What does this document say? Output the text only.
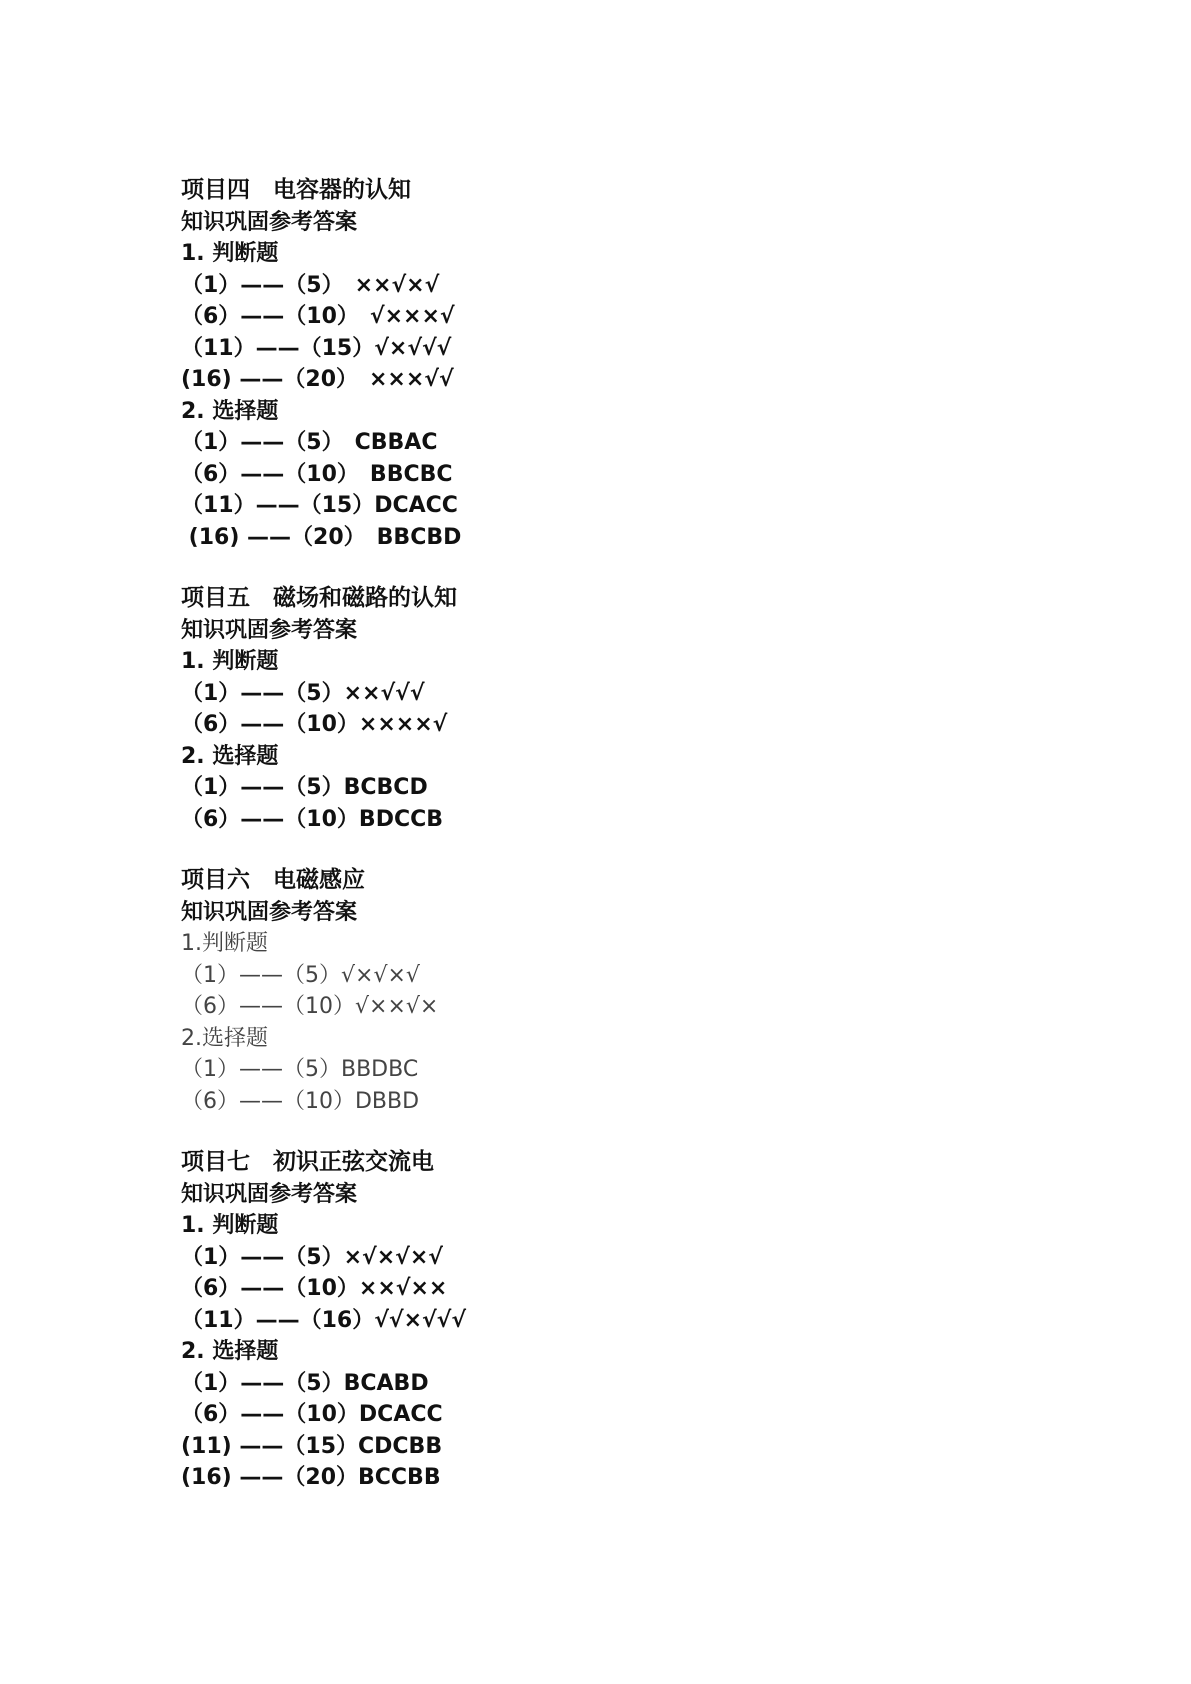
项目四　电容器的认知
知识巩固参考答案
1. 判断题
（1）——（5）　××√×√
（6）——（10）　√×××√
（11）——（15）√×√√√
(16) ——（20）　×××√√
2. 选择题
（1）——（5）　CBBAC
（6）——（10）　BBCBC
（11）——（15）DCACC
(16) ——（20）　BBCBD
项目五　磁场和磁路的认知
知识巩固参考答案
1. 判断题
（1）——（5）××√√√
（6）——（10）××××√
2. 选择题
（1）——（5）BCBCD
（6）——（10）BDCCB
项目六　电磁感应
知识巩固参考答案
1.判断题
（1）——（5）√×√×√
（6）——（10）√××√×
2.选择题
（1）——（5）BBDBC
（6）——（10）DBBD
项目七　初识正弦交流电
知识巩固参考答案
1. 判断题
（1）——（5）×√×√×√
（6）——（10）××√××
（11）——（16）√√×√√√
2. 选择题
（1）——（5）BCABD
（6）——（10）DCACC
(11) ——（15）CDCBB
(16) ——（20）BCCBB
